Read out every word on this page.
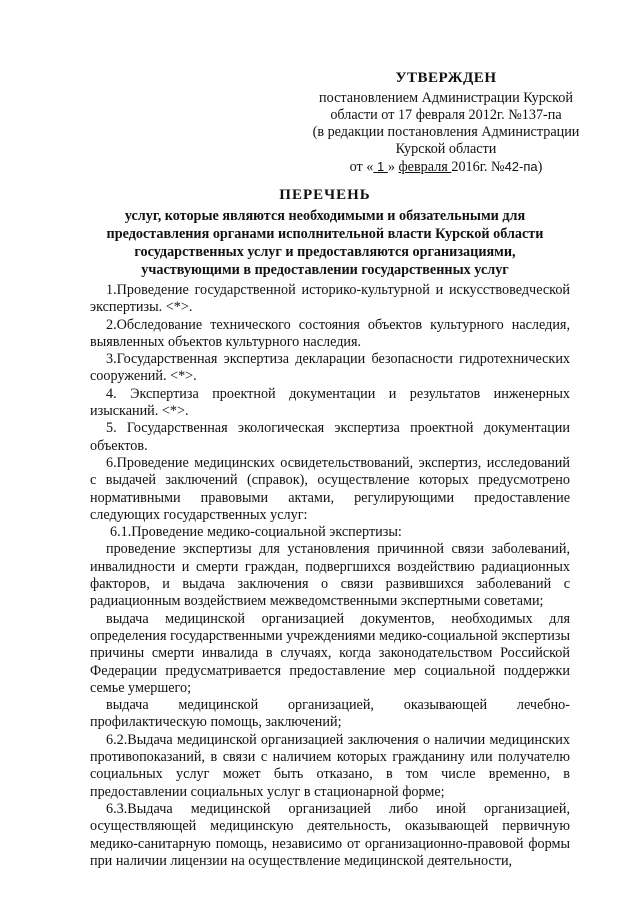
УТВЕРЖДЕН
постановлением Администрации Курской
области от 17 февраля 2012г. №137-па
(в редакции постановления Администрации
Курской области
от « 1 » февраля 2016г. №42-па)
ПЕРЕЧЕНЬ
услуг, которые являются необходимыми и обязательными для предоставления органами исполнительной власти Курской области государственных услуг и предоставляются организациями, участвующими в предоставлении государственных услуг

1.Проведение государственной историко-культурной и искусствоведческой экспертизы. <*>.

2.Обследование технического состояния объектов культурного наследия, выявленных объектов культурного наследия.

3.Государственная экспертиза декларации безопасности гидротехнических сооружений. <*>.

4. Экспертиза проектной документации и результатов инженерных изысканий. <*>.

5. Государственная экологическая экспертиза проектной документации объектов.

6.Проведение медицинских освидетельствований, экспертиз, исследований с выдачей заключений (справок), осуществление которых предусмотрено нормативными правовыми актами, регулирующими предоставление следующих государственных услуг:

6.1.Проведение медико-социальной экспертизы:

проведение экспертизы для установления причинной связи заболеваний, инвалидности и смерти граждан, подвергшихся воздействию радиационных факторов, и выдача заключения о связи развившихся заболеваний с радиационным воздействием межведомственными экспертными советами;

выдача медицинской организацией документов, необходимых для определения государственными учреждениями медико-социальной экспертизы причины смерти инвалида в случаях, когда законодательством Российской Федерации предусматривается предоставление мер социальной поддержки семье умершего;

выдача медицинской организацией, оказывающей лечебно-профилактическую помощь, заключений;

6.2.Выдача медицинской организацией заключения о наличии медицинских противопоказаний, в связи с наличием которых гражданину или получателю социальных услуг может быть отказано, в том числе временно, в предоставлении социальных услуг в стационарной форме;

6.3.Выдача медицинской организацией либо иной организацией, осуществляющей медицинскую деятельность, оказывающей первичную медико-санитарную помощь, независимо от организационно-правовой формы при наличии лицензии на осуществление медицинской деятельности,
